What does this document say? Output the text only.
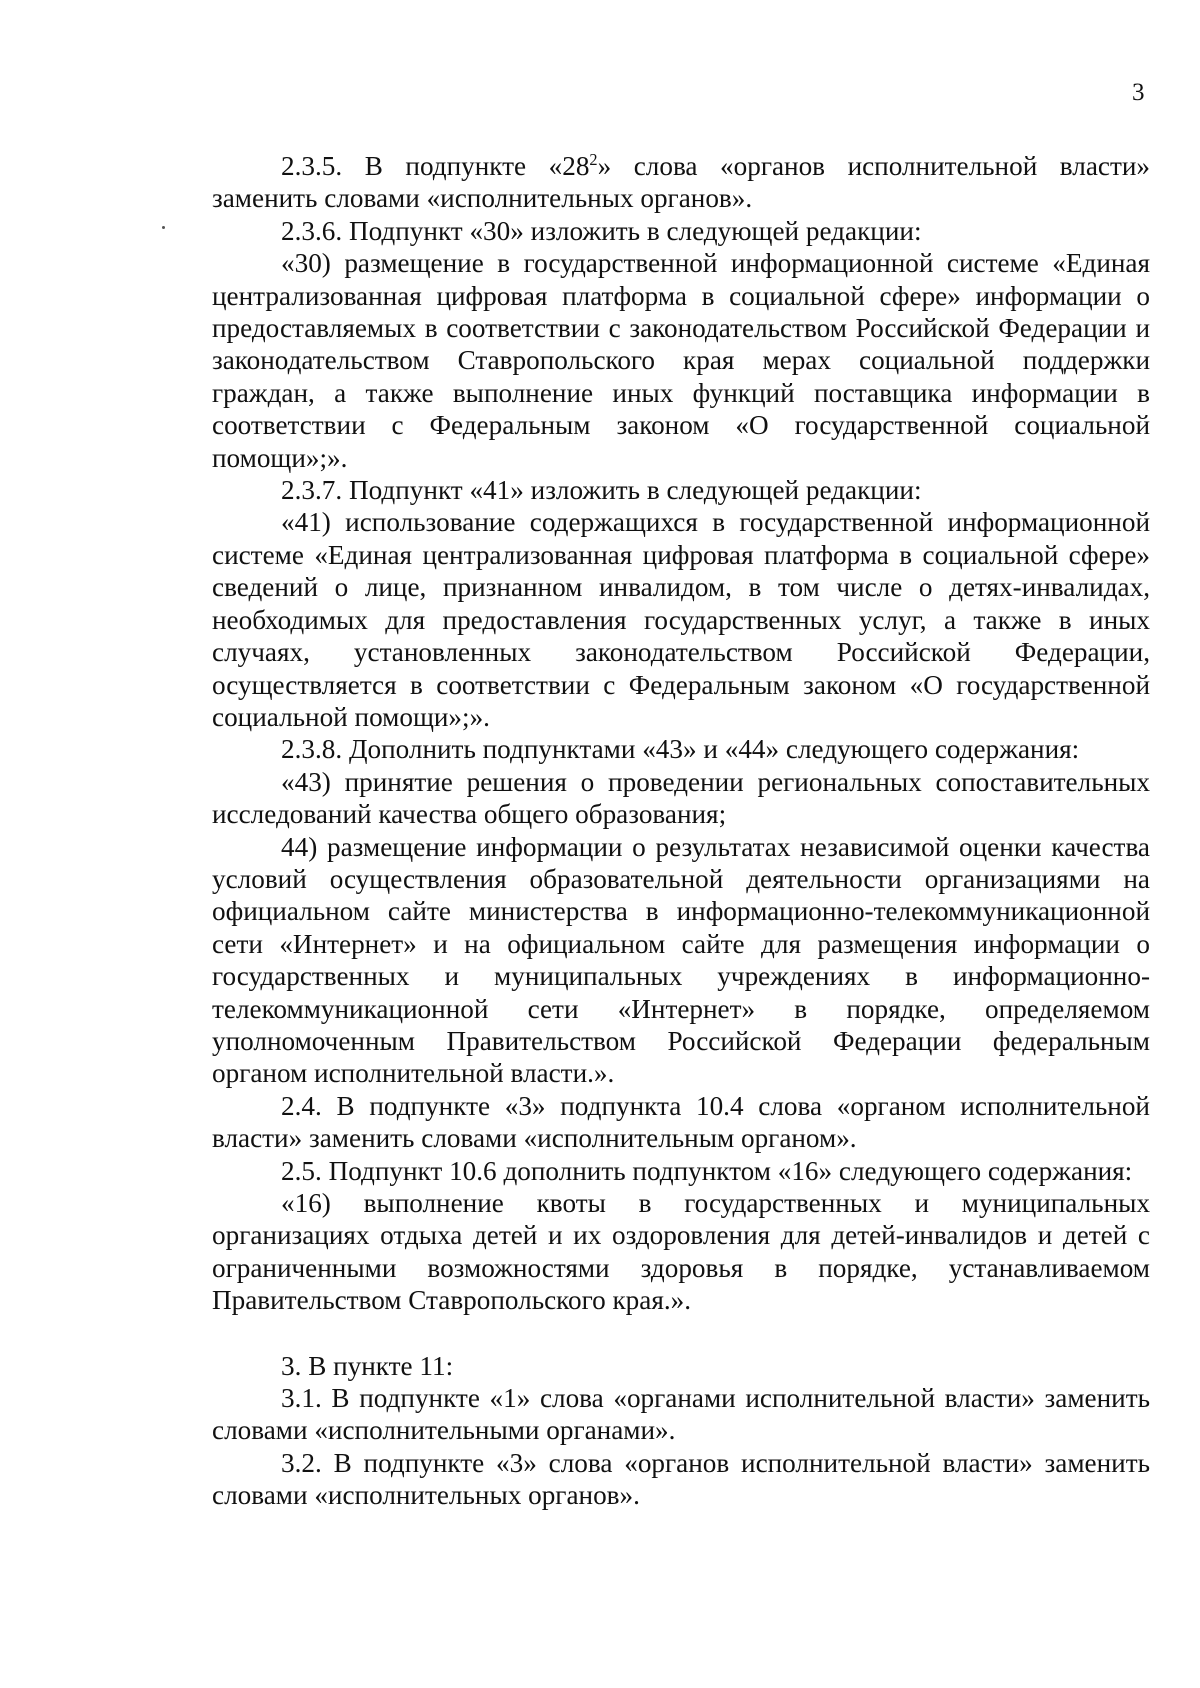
3

2.3.5. В подпункте «$28^2$» слова «органов исполнительной власти» заменить словами «исполнительных органов».

2.3.6. Подпункт «30» изложить в следующей редакции:

«30) размещение в государственной информационной системе «Единая централизованная цифровая платформа в социальной сфере» информации о предоставляемых в соответствии с законодательством Российской Федерации и законодательством Ставропольского края мерах социальной поддержки граждан, а также выполнение иных функций поставщика информации в соответствии с Федеральным законом «О государственной социальной помощи»;».

2.3.7. Подпункт «41» изложить в следующей редакции:

«41) использование содержащихся в государственной информационной системе «Единая централизованная цифровая платформа в социальной сфере» сведений о лице, признанном инвалидом, в том числе о детях-инвалидах, необходимых для предоставления государственных услуг, а также в иных случаях, установленных законодательством Российской Федерации, осуществляется в соответствии с Федеральным законом «О государственной социальной помощи»;».

2.3.8. Дополнить подпунктами «43» и «44» следующего содержания:

«43) принятие решения о проведении региональных сопоставительных исследований качества общего образования;

44) размещение информации о результатах независимой оценки качества условий осуществления образовательной деятельности организациями на официальном сайте министерства в информационно-телекоммуникационной сети «Интернет» и на официальном сайте для размещения информации о государственных и муниципальных учреждениях в информационно-телекоммуникационной сети «Интернет» в порядке, определяемом уполномоченным Правительством Российской Федерации федеральным органом исполнительной власти.».

2.4. В подпункте «3» подпункта 10.4 слова «органом исполнительной власти» заменить словами «исполнительным органом».

2.5. Подпункт 10.6 дополнить подпунктом «16» следующего содержания:

«16) выполнение квоты в государственных и муниципальных организациях отдыха детей и их оздоровления для детей-инвалидов и детей с ограниченными возможностями здоровья в порядке, устанавливаемом Правительством Ставропольского края.».

3. В пункте 11:

3.1. В подпункте «1» слова «органами исполнительной власти» заменить словами «исполнительными органами».

3.2. В подпункте «3» слова «органов исполнительной власти» заменить словами «исполнительных органов».
